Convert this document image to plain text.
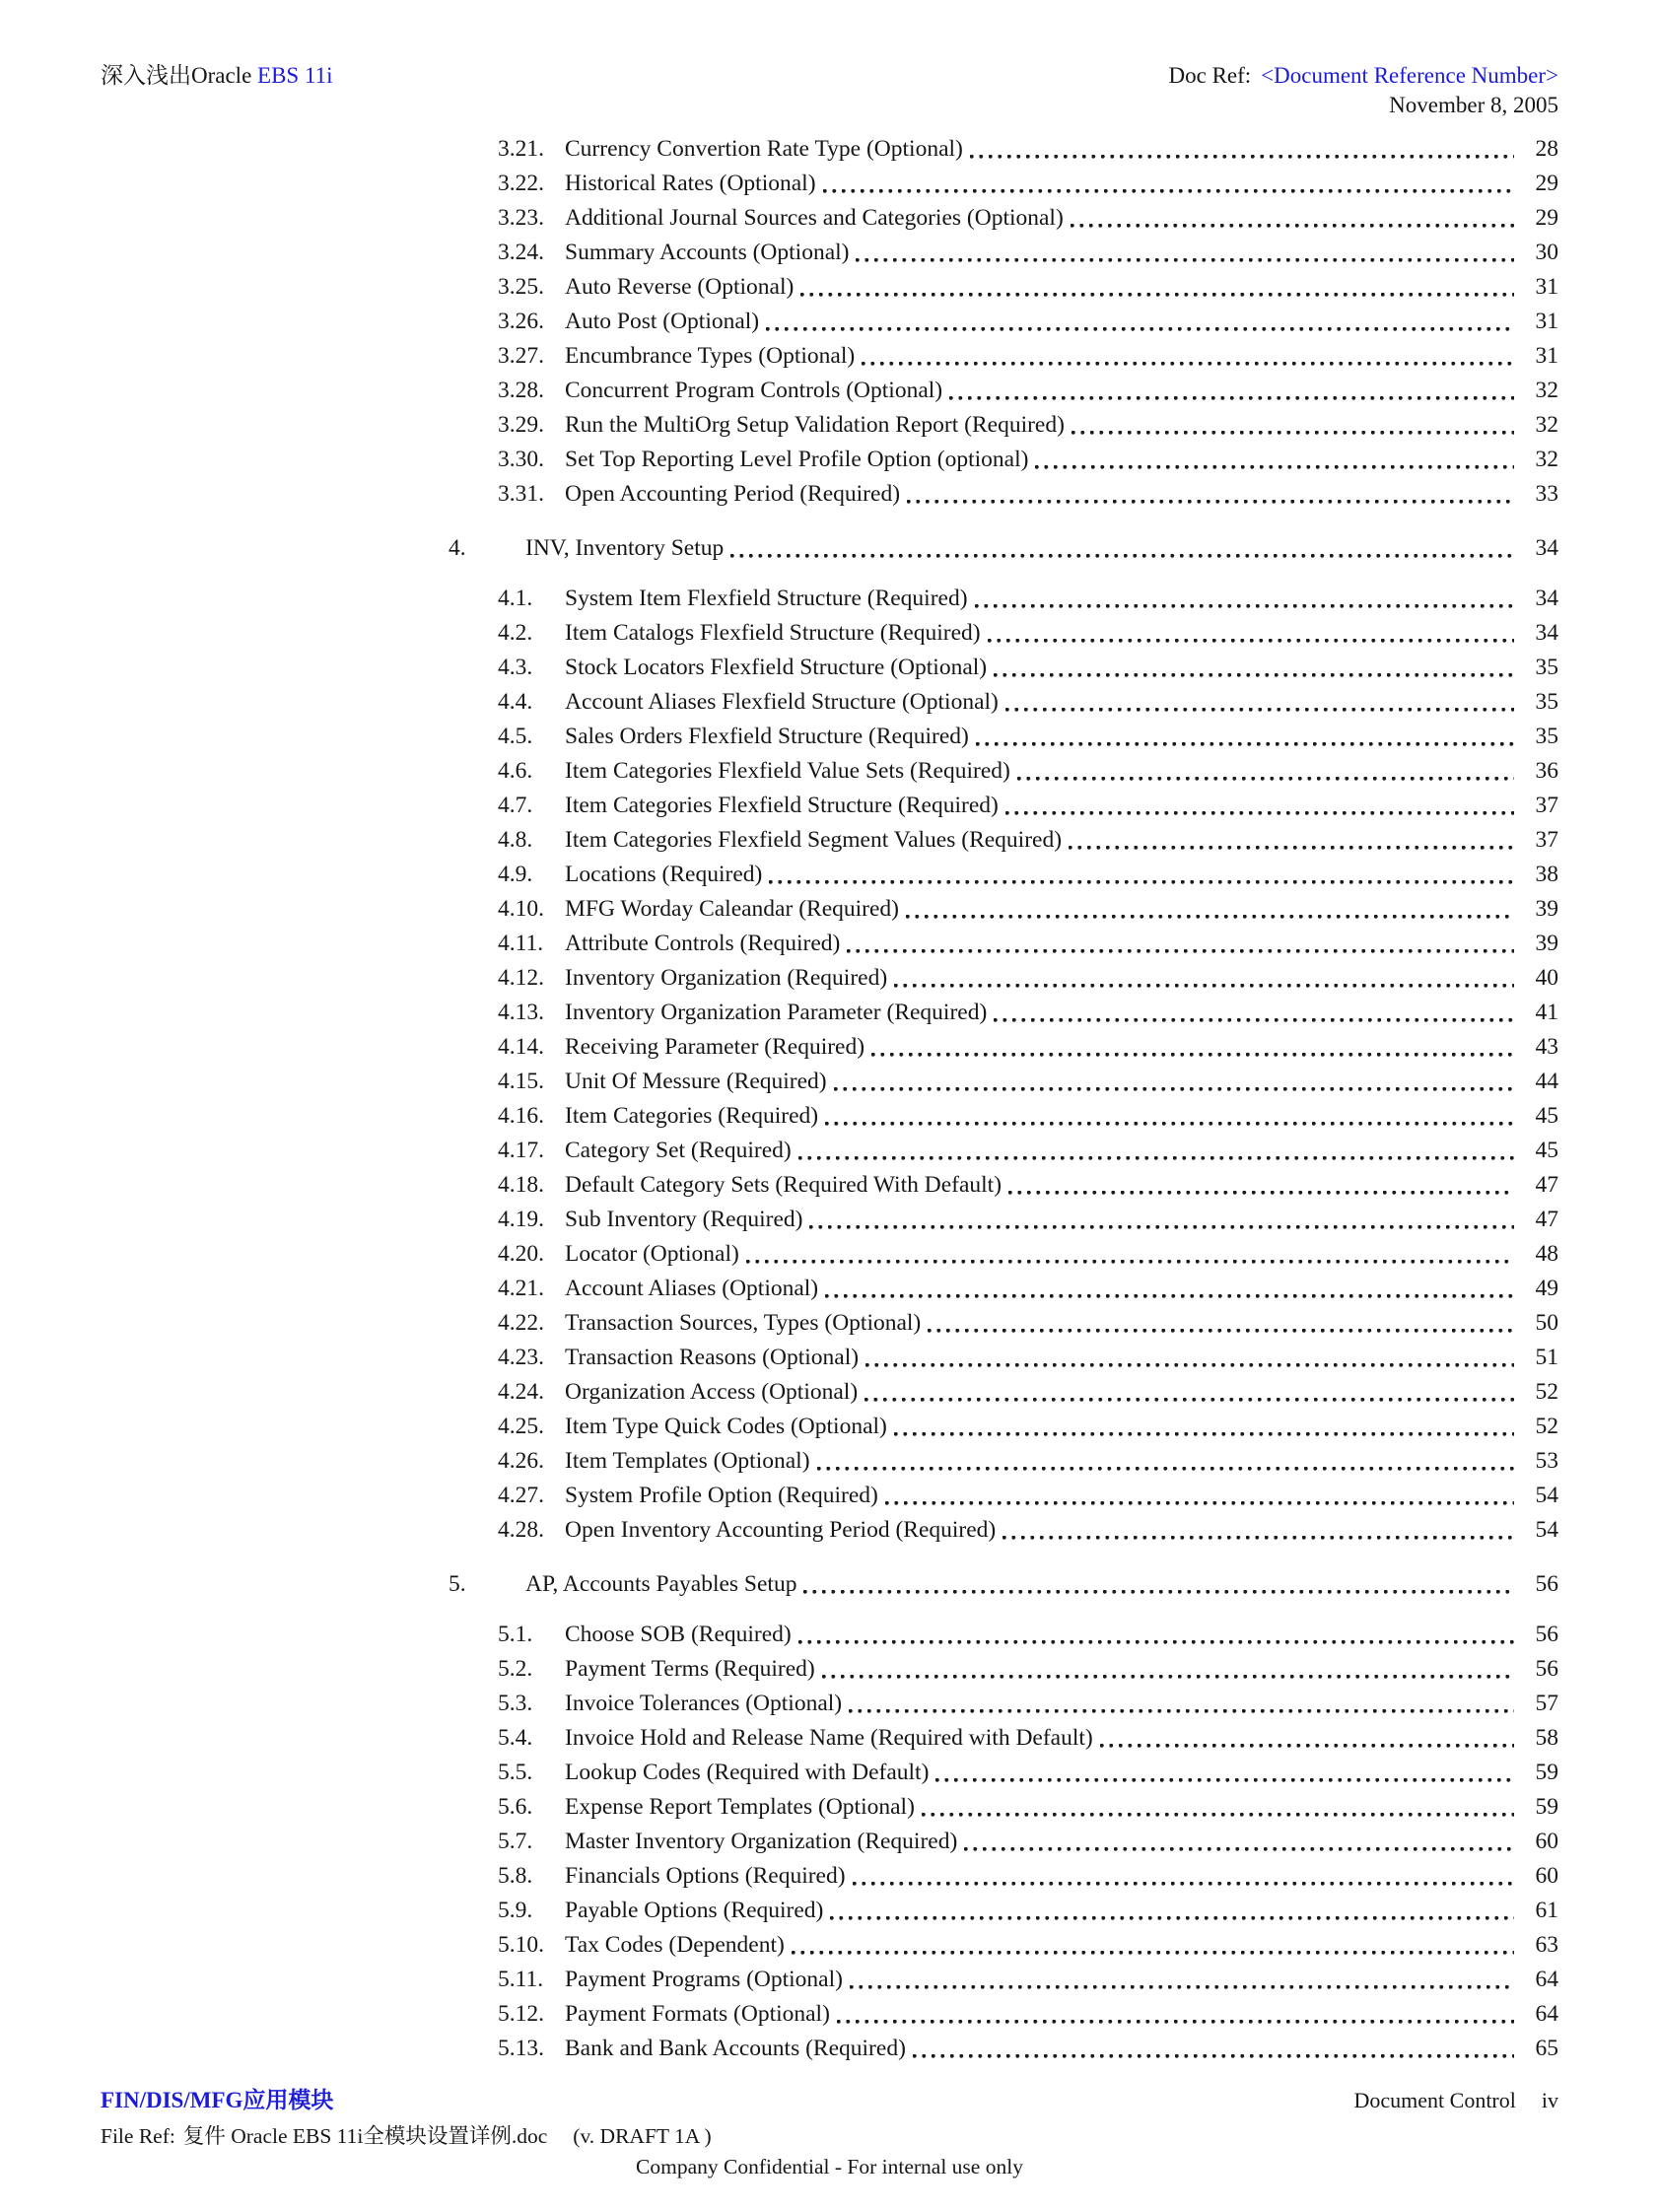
深入浅出Oracle EBS 11i	Doc Ref: <Document Reference Number>
November 8, 2005
3.21. Currency Convertion Rate Type (Optional)	28
3.22. Historical Rates (Optional)	29
3.23. Additional Journal Sources and Categories (Optional)	29
3.24. Summary Accounts (Optional)	30
3.25. Auto Reverse (Optional)	31
3.26. Auto Post (Optional)	31
3.27. Encumbrance Types (Optional)	31
3.28. Concurrent Program Controls (Optional)	32
3.29. Run the MultiOrg Setup Validation Report (Required)	32
3.30. Set Top Reporting Level Profile Option (optional)	32
3.31. Open Accounting Period (Required)	33
4.	INV, Inventory Setup	34
4.1.	System Item Flexfield Structure (Required)	34
4.2.	Item Catalogs Flexfield Structure (Required)	34
4.3.	Stock Locators Flexfield Structure (Optional)	35
4.4.	Account Aliases Flexfield Structure (Optional)	35
4.5.	Sales Orders Flexfield Structure (Required)	35
4.6.	Item Categories Flexfield Value Sets (Required)	36
4.7.	Item Categories Flexfield Structure (Required)	37
4.8.	Item Categories Flexfield Segment Values (Required)	37
4.9.	Locations (Required)	38
4.10. MFG Worday Caleandar (Required)	39
4.11. Attribute Controls (Required)	39
4.12. Inventory Organization (Required)	40
4.13. Inventory Organization Parameter (Required)	41
4.14. Receiving Parameter (Required)	43
4.15. Unit Of Messure (Required)	44
4.16. Item Categories (Required)	45
4.17. Category Set (Required)	45
4.18. Default Category Sets (Required With Default)	47
4.19. Sub Inventory (Required)	47
4.20. Locator (Optional)	48
4.21. Account Aliases (Optional)	49
4.22. Transaction Sources, Types (Optional)	50
4.23. Transaction Reasons (Optional)	51
4.24. Organization Access (Optional)	52
4.25. Item Type Quick Codes (Optional)	52
4.26. Item Templates (Optional)	53
4.27. System Profile Option (Required)	54
4.28. Open Inventory Accounting Period (Required)	54
5.	AP, Accounts Payables Setup	56
5.1.	Choose SOB (Required)	56
5.2.	Payment Terms (Required)	56
5.3.	Invoice Tolerances (Optional)	57
5.4.	Invoice Hold and Release Name (Required with Default)	58
5.5.	Lookup Codes (Required with Default)	59
5.6.	Expense Report Templates (Optional)	59
5.7.	Master Inventory Organization (Required)	60
5.8.	Financials Options (Required)	60
5.9.	Payable Options (Required)	61
5.10. Tax Codes (Dependent)	63
5.11. Payment Programs (Optional)	64
5.12. Payment Formats (Optional)	64
5.13. Bank and Bank Accounts (Required)	65
FIN/DIS/MFG应用模块	Document Control iv
File Ref: 复件 Oracle EBS 11i全模块设置详例.doc (v. DRAFT 1A )
Company Confidential - For internal use only
